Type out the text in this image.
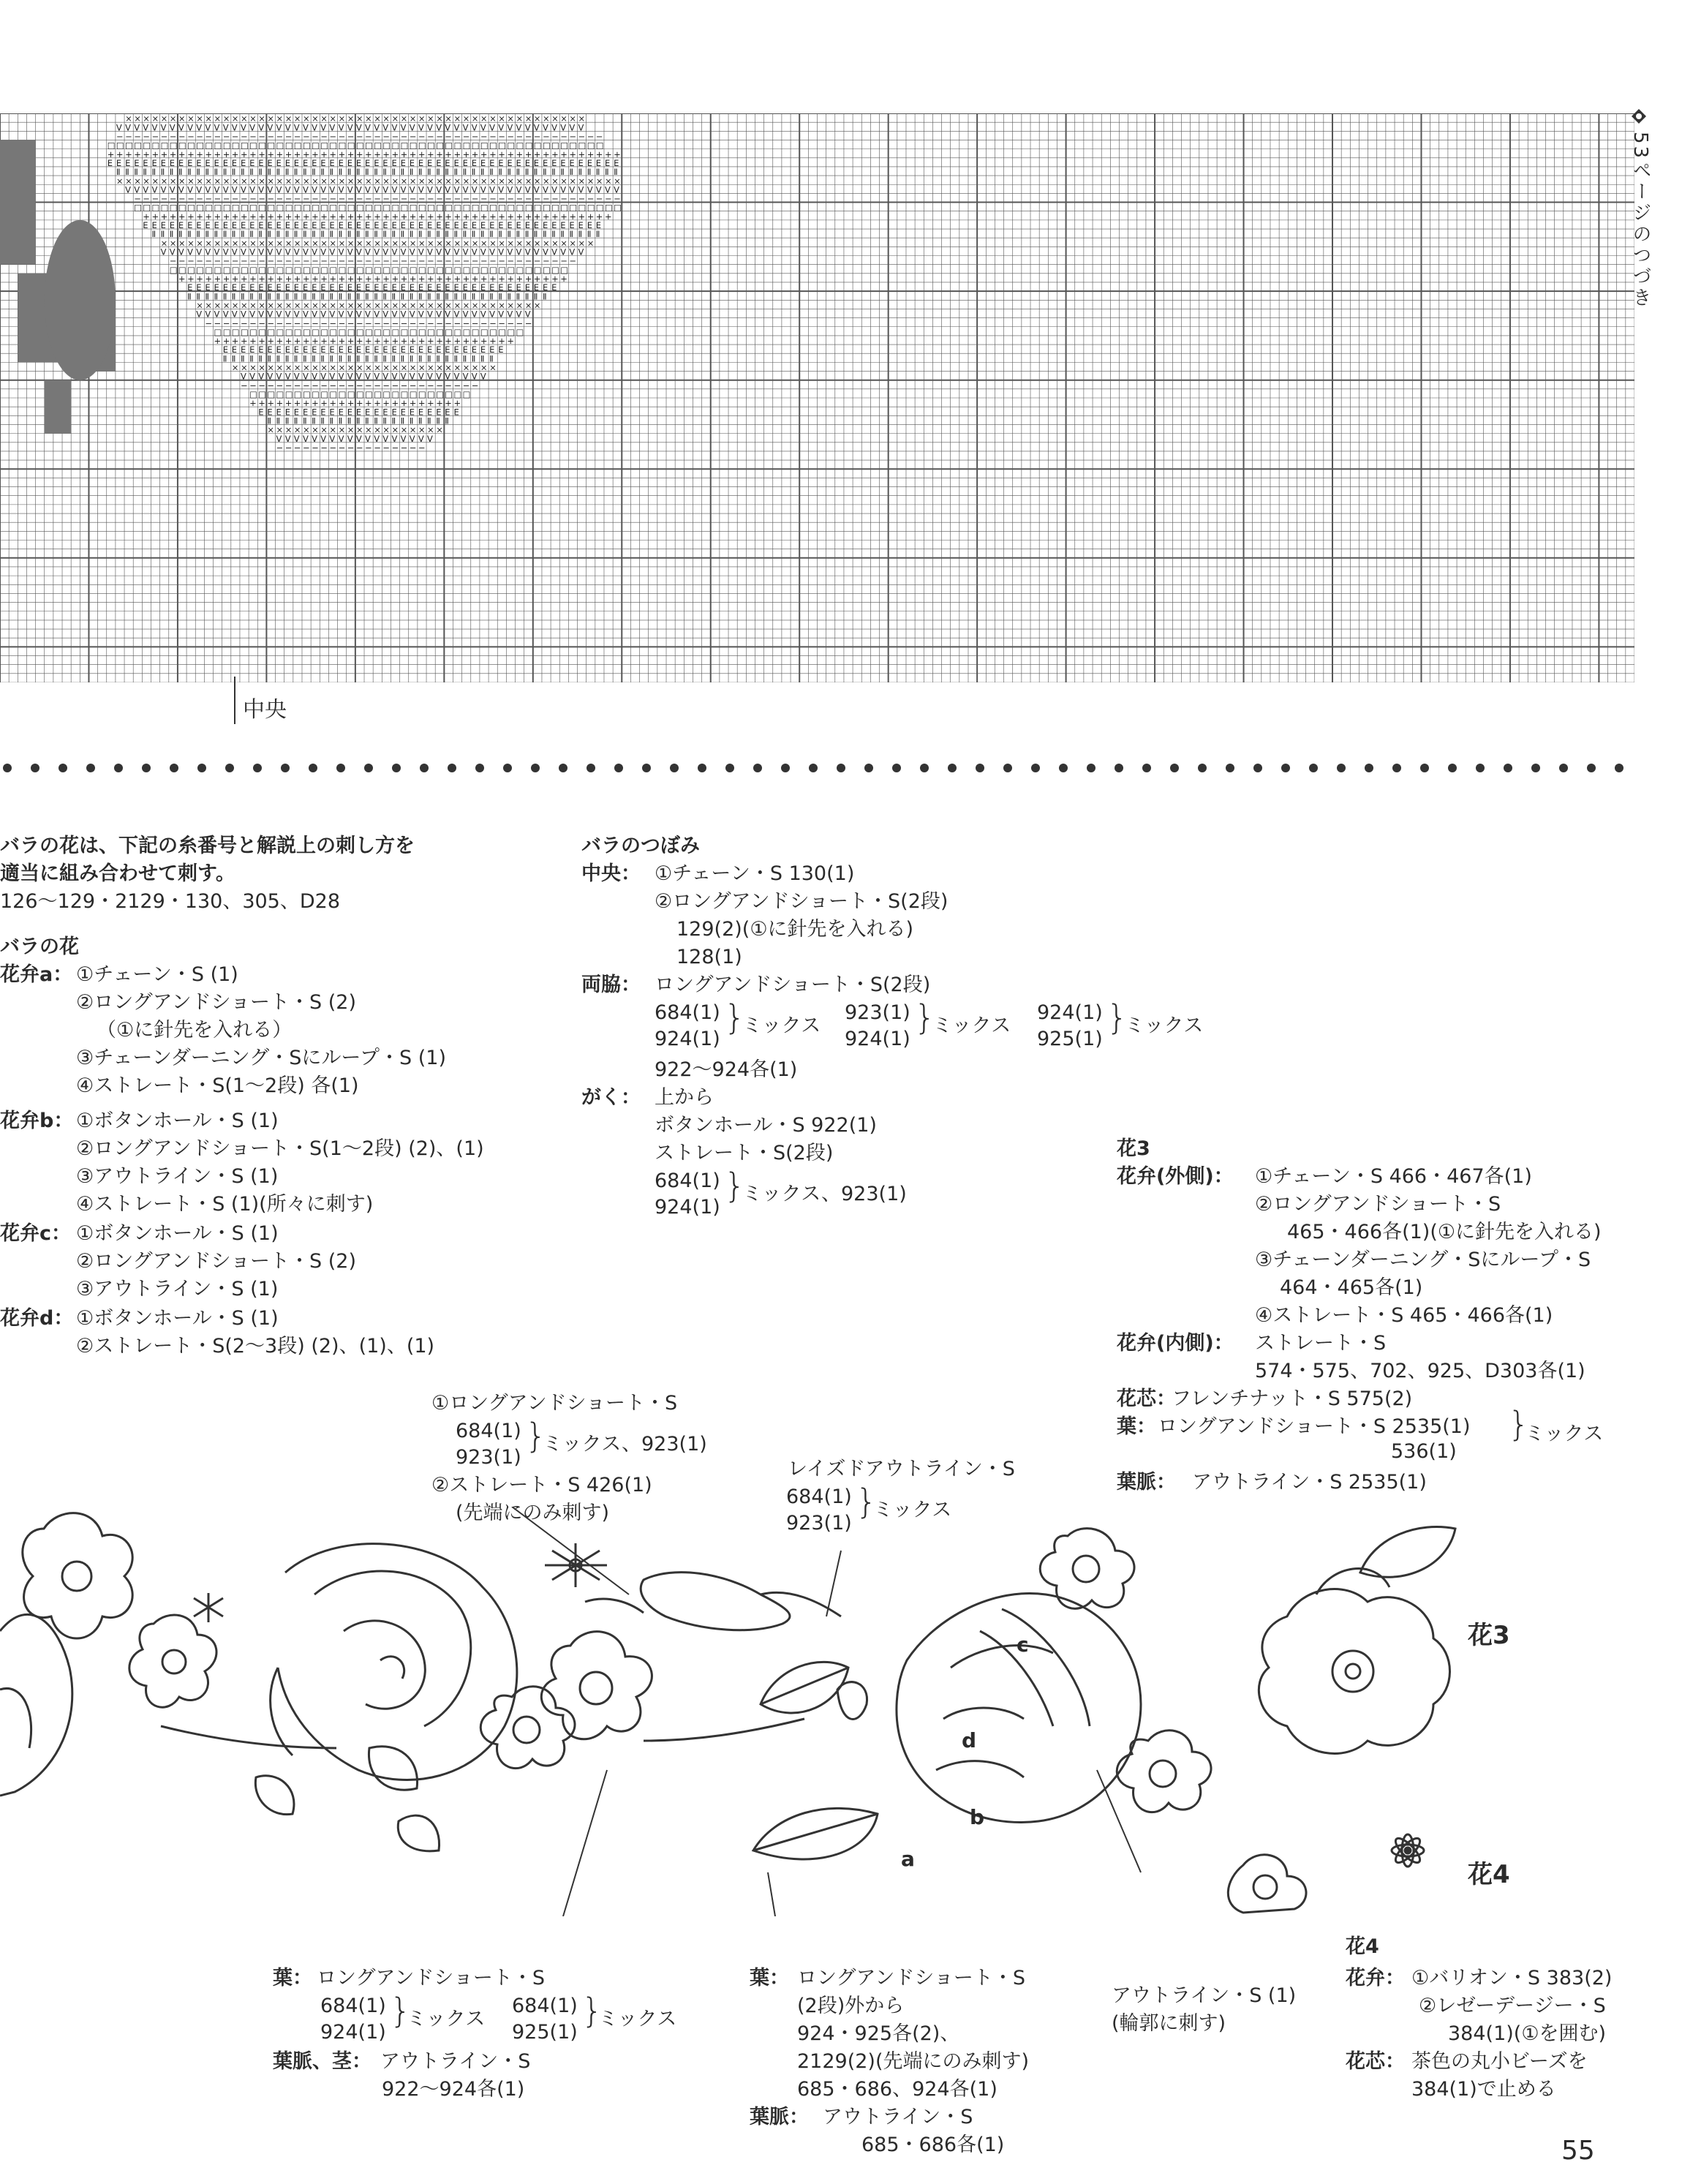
× × × × × × × × × × × × × × × × × × × × × × × × × × × × × × × × × × × × × × × × × × × × × × × × × × × ×
V V V V V V V V V V V V V V V V V V V V V V V V V V V V V V V V V V V V V V V V V V V V V V V V V V V V V
− − − − − − − − − − − − − − − − − − − − − − − − − − − − − − − − − − − − − − − − − − − − − − − − − − − − − − −
□ □ □ □ □ □ □ □ □ □ □ □ □ □ □ □ □ □ □ □ □ □ □ □ □ □ □ □ □ □ □ □ □ □ □ □ □ □ □ □ □ □ □ □ □ □ □ □ □ □ □ □ □ □ □ □
+ + + + + + + + + + + + + + + + + + + + + + + + + + + + + + + + + + + + + + + + + + + + + + + + + + + + + + + + + +
E E E E E E E E E E E E E E E E E E E E E E E E E E E E E E E E E E E E E E E E E E E E E E E E E E E E E E E E E E
Ⅱ Ⅱ Ⅱ Ⅱ Ⅱ Ⅱ Ⅱ Ⅱ Ⅱ Ⅱ Ⅱ Ⅱ Ⅱ Ⅱ Ⅱ Ⅱ Ⅱ Ⅱ Ⅱ Ⅱ Ⅱ Ⅱ Ⅱ Ⅱ Ⅱ Ⅱ Ⅱ Ⅱ Ⅱ Ⅱ Ⅱ Ⅱ Ⅱ Ⅱ Ⅱ Ⅱ Ⅱ Ⅱ Ⅱ Ⅱ Ⅱ Ⅱ Ⅱ Ⅱ Ⅱ Ⅱ Ⅱ Ⅱ Ⅱ Ⅱ Ⅱ Ⅱ Ⅱ Ⅱ Ⅱ Ⅱ Ⅱ
× × × × × × × × × × × × × × × × × × × × × × × × × × × × × × × × × × × × × × × × × × × × × × × × × × × × × × × × ×
V V V V V V V V V V V V V V V V V V V V V V V V V V V V V V V V V V V V V V V V V V V V V V V V V V V V V V V V
− − − − − − − − − − − − − − − − − − − − − − − − − − − − − − − − − − − − − − − − − − − − − − − − − − − − − − −
□ □ □ □ □ □ □ □ □ □ □ □ □ □ □ □ □ □ □ □ □ □ □ □ □ □ □ □ □ □ □ □ □ □ □ □ □ □ □ □ □ □ □ □ □ □ □ □ □ □ □ □ □ □ □
+ + + + + + + + + + + + + + + + + + + + + + + + + + + + + + + + + + + + + + + + + + + + + + + + + + + + +
E E E E E E E E E E E E E E E E E E E E E E E E E E E E E E E E E E E E E E E E E E E E E E E E E E E E
Ⅱ Ⅱ Ⅱ Ⅱ Ⅱ Ⅱ Ⅱ Ⅱ Ⅱ Ⅱ Ⅱ Ⅱ Ⅱ Ⅱ Ⅱ Ⅱ Ⅱ Ⅱ Ⅱ Ⅱ Ⅱ Ⅱ Ⅱ Ⅱ Ⅱ Ⅱ Ⅱ Ⅱ Ⅱ Ⅱ Ⅱ Ⅱ Ⅱ Ⅱ Ⅱ Ⅱ Ⅱ Ⅱ Ⅱ Ⅱ Ⅱ Ⅱ Ⅱ Ⅱ Ⅱ Ⅱ Ⅱ Ⅱ Ⅱ Ⅱ Ⅱ
× × × × × × × × × × × × × × × × × × × × × × × × × × × × × × × × × × × × × × × × × × × × × × × × ×
V V V V V V V V V V V V V V V V V V V V V V V V V V V V V V V V V V V V V V V V V V V V V V V V
− − − − − − − − − − − − − − − − − − − − − − − − − − − − − − − − − − − − − − − − − − − − − −
□ □ □ □ □ □ □ □ □ □ □ □ □ □ □ □ □ □ □ □ □ □ □ □ □ □ □ □ □ □ □ □ □ □ □ □ □ □ □ □ □ □ □ □ □
+ + + + + + + + + + + + + + + + + + + + + + + + + + + + + + + + + + + + + + + + + + + +
E E E E E E E E E E E E E E E E E E E E E E E E E E E E E E E E E E E E E E E E E E
Ⅱ Ⅱ Ⅱ Ⅱ Ⅱ Ⅱ Ⅱ Ⅱ Ⅱ Ⅱ Ⅱ Ⅱ Ⅱ Ⅱ Ⅱ Ⅱ Ⅱ Ⅱ Ⅱ Ⅱ Ⅱ Ⅱ Ⅱ Ⅱ Ⅱ Ⅱ Ⅱ Ⅱ Ⅱ Ⅱ Ⅱ Ⅱ Ⅱ Ⅱ Ⅱ Ⅱ Ⅱ Ⅱ Ⅱ Ⅱ Ⅱ
× × × × × × × × × × × × × × × × × × × × × × × × × × × × × × × × × × × × × × ×
V V V V V V V V V V V V V V V V V V V V V V V V V V V V V V V V V V V V V V
− − − − − − − − − − − − − − − − − − − − − − − − − − − − − − − − − − − − −
□ □ □ □ □ □ □ □ □ □ □ □ □ □ □ □ □ □ □ □ □ □ □ □ □ □ □ □ □ □ □ □ □ □ □
+ + + + + + + + + + + + + + + + + + + + + + + + + + + + + + + + + +
E E E E E E E E E E E E E E E E E E E E E E E E E E E E E E E E
Ⅱ Ⅱ Ⅱ Ⅱ Ⅱ Ⅱ Ⅱ Ⅱ Ⅱ Ⅱ Ⅱ Ⅱ Ⅱ Ⅱ Ⅱ Ⅱ Ⅱ Ⅱ Ⅱ Ⅱ Ⅱ Ⅱ Ⅱ Ⅱ Ⅱ Ⅱ Ⅱ Ⅱ Ⅱ Ⅱ Ⅱ
× × × × × × × × × × × × × × × × × × × × × × × × × × × × × ×
V V V V V V V V V V V V V V V V V V V V V V V V V V V V
− − − − − − − − − − − − − − − − − − − − − − − − − − −
□ □ □ □ □ □ □ □ □ □ □ □ □ □ □ □ □ □ □ □ □ □ □ □ □
+ + + + + + + + + + + + + + + + + + + + + + + +
E E E E E E E E E E E E E E E E E E E E E E E
Ⅱ Ⅱ Ⅱ Ⅱ Ⅱ Ⅱ Ⅱ Ⅱ Ⅱ Ⅱ Ⅱ Ⅱ Ⅱ Ⅱ Ⅱ Ⅱ Ⅱ Ⅱ Ⅱ Ⅱ Ⅱ
× × × × × × × × × × × × × × × × × × × ×
V V V V V V V V V V V V V V V V V V
− − − − − − − − − − − − − − − − −
53ページのつづき
中央
バラの花は、下記の糸番号と解説上の刺し方を
適当に組み合わせて刺す。
126〜129・2129・130、305、D28
バラの花
花弁a： ①チェーン・S (1)
②ロングアンドショート・S (2)
（①に針先を入れる）
③チェーンダーニング・Sにループ・S (1)
④ストレート・S(1〜2段) 各(1)
花弁b： ①ボタンホール・S (1)
②ロングアンドショート・S(1〜2段) (2)、(1)
③アウトライン・S (1)
④ストレート・S (1)(所々に刺す)
花弁c： ①ボタンホール・S (1)
②ロングアンドショート・S (2)
③アウトライン・S (1)
花弁d： ①ボタンホール・S (1)
②ストレート・S(2〜3段) (2)、(1)、(1)
バラのつぼみ
中央： ①チェーン・S 130(1)
②ロングアンドショート・S(2段)
129(2)(①に針先を入れる)
128(1)
両脇： ロングアンドショート・S(2段)
684(1)
924(1)
}
ミックス
923(1)
924(1)
}
ミックス
924(1)
925(1)
}
ミックス
922〜924各(1)
がく： 上から
ボタンホール・S 922(1)
ストレート・S(2段)
684(1)
924(1)
}
ミックス、923(1)
花3
花弁(外側)： ①チェーン・S 466・467各(1)
②ロングアンドショート・S
465・466各(1)(①に針先を入れる)
③チェーンダーニング・Sにループ・S
464・465各(1)
④ストレート・S 465・466各(1)
花弁(内側)： ストレート・S
574・575、702、925、D303各(1)
花芯：
フレンチナット・S 575(2)
葉： ロングアンドショート・S 2535(1)
536(1)
}
ミックス
葉脈： アウトライン・S 2535(1)
①ロングアンドショート・S
684(1)
923(1)
}
ミックス、923(1)
②ストレート・S 426(1)
(先端にのみ刺す)
レイズドアウトライン・S
684(1)
923(1)
}
ミックス
花3
花4
a
b
c
d
葉： ロングアンドショート・S
684(1)
924(1)
}
ミックス
684(1)
925(1)
}
ミックス
葉脈、茎： アウトライン・S
922〜924各(1)
葉： ロングアンドショート・S
(2段)外から
924・925各(2)、
2129(2)(先端にのみ刺す)
685・686、924各(1)
葉脈： アウトライン・S
685・686各(1)
アウトライン・S (1)
(輪郭に刺す)
花4
花弁： ①バリオン・S 383(2)
②レゼーデージー・S
384(1)(①を囲む)
花芯： 茶色の丸小ビーズを
384(1)で止める
55
